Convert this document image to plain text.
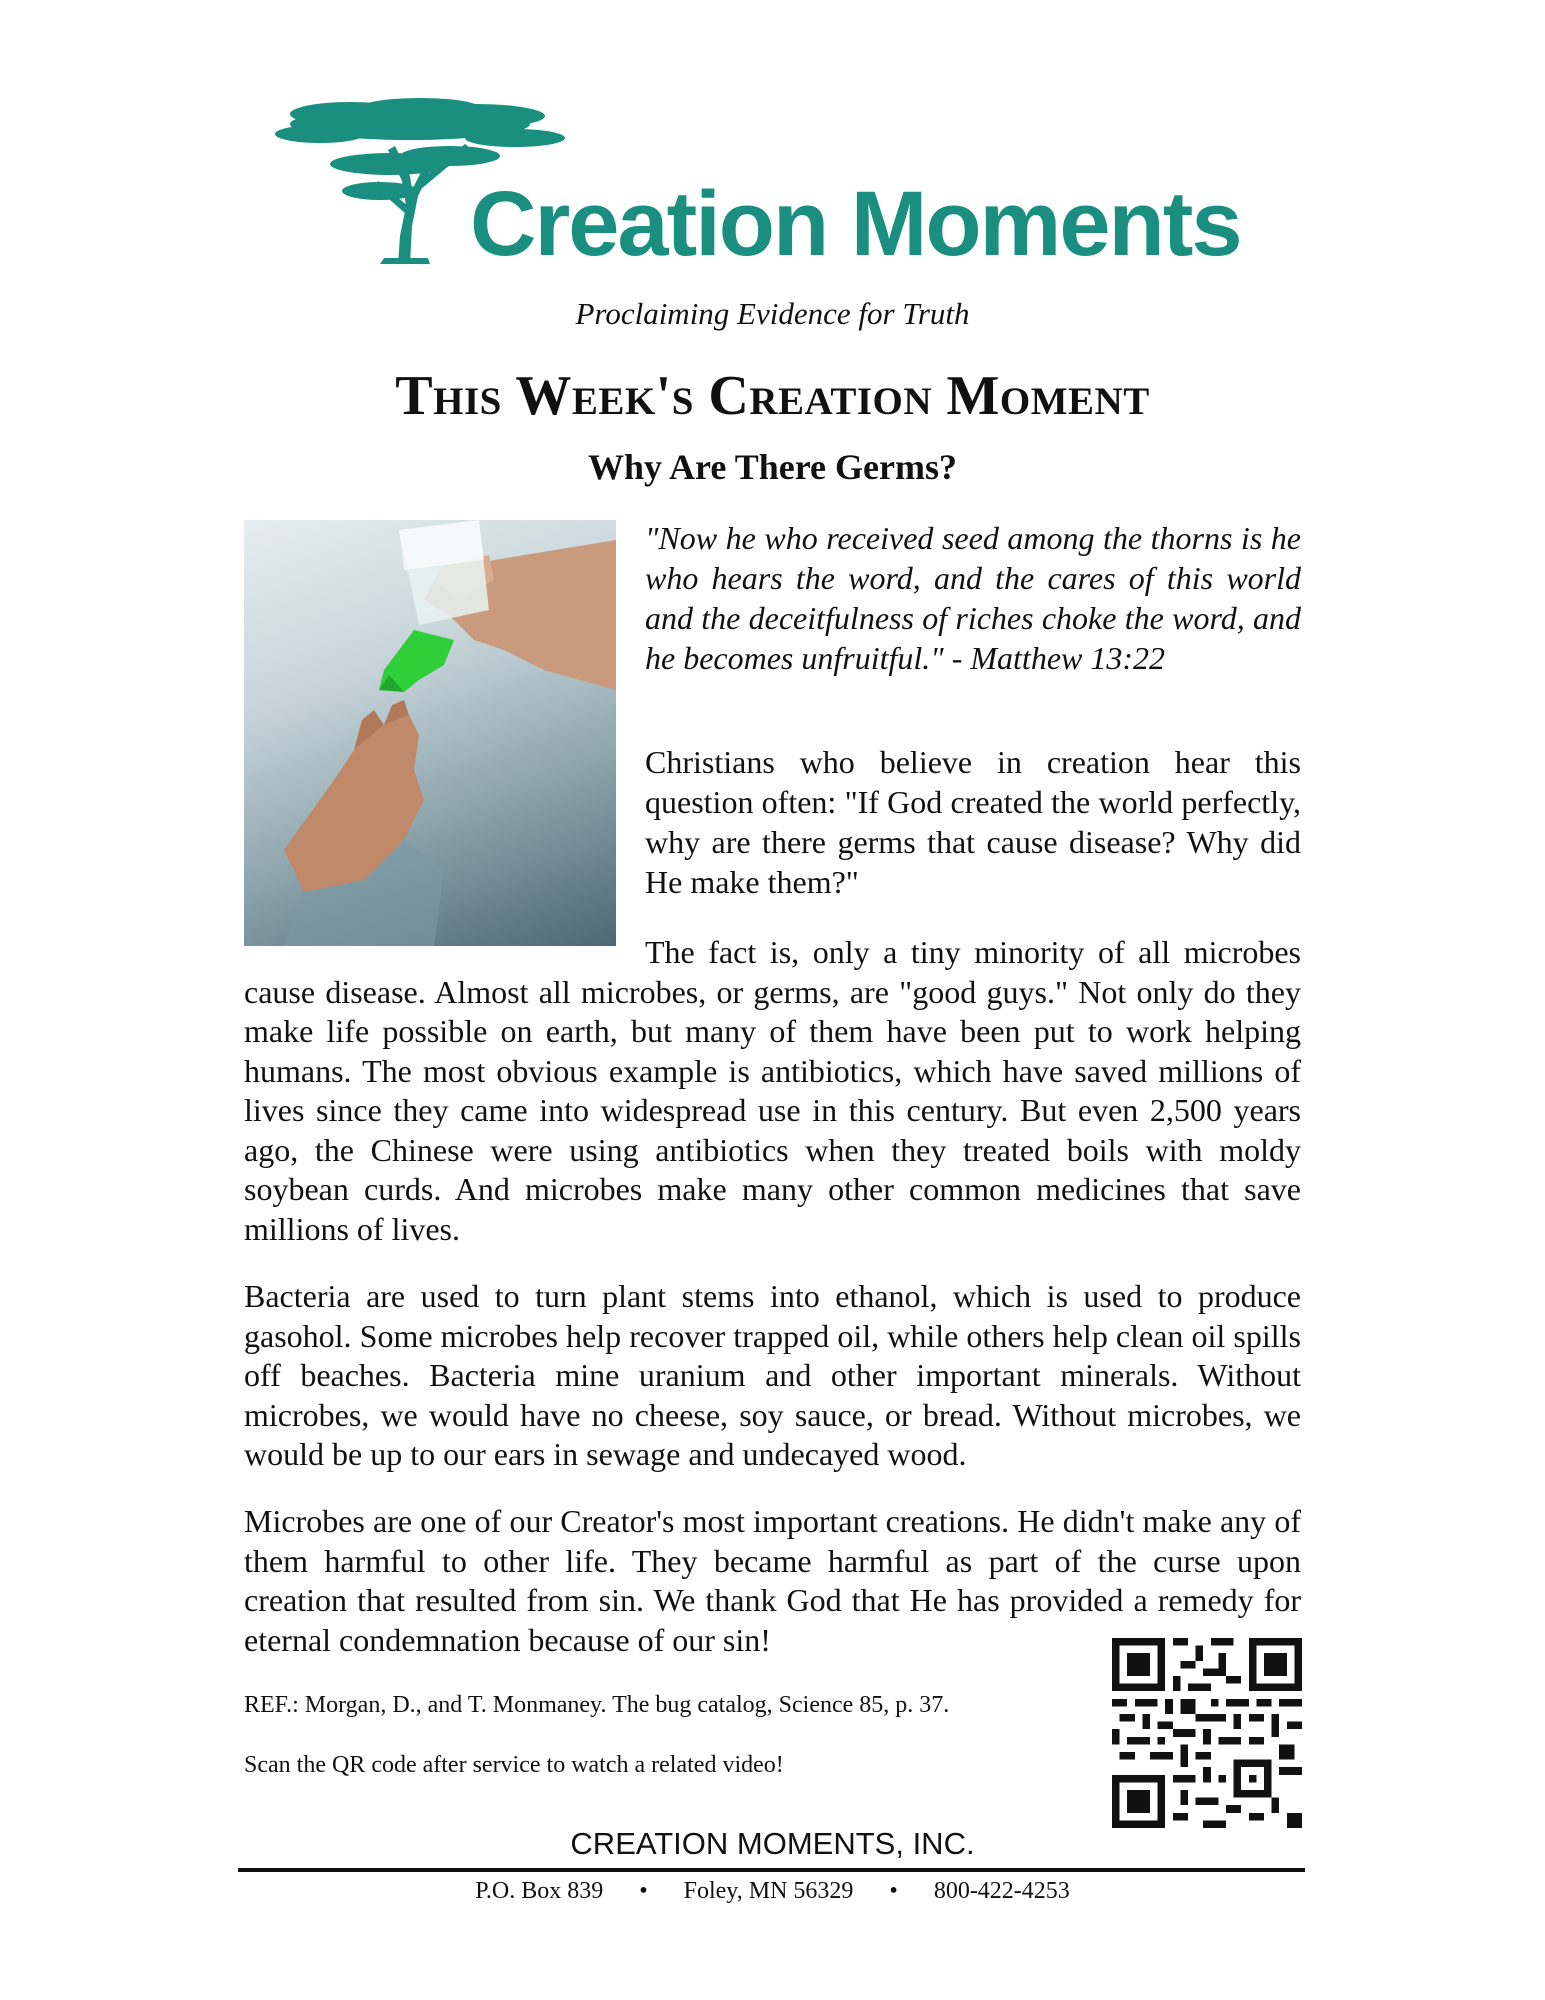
Creation Moments
Proclaiming Evidence for Truth
This Week's Creation Moment
Why Are There Germs?

"Now he who received seed among the thorns is he who hears the word, and the cares of this world and the deceitfulness of riches choke the word, and he becomes unfruitful." - Matthew 13:22

Christians who believe in creation hear this question often: "If God created the world perfectly, why are there germs that cause disease? Why did He make them?"

The fact is, only a tiny minority of all microbes cause disease. Almost all microbes, or germs, are "good guys." Not only do they make life possible on earth, but many of them have been put to work helping humans. The most obvious example is antibiotics, which have saved millions of lives since they came into widespread use in this century. But even 2,500 years ago, the Chinese were using antibiotics when they treated boils with moldy soybean curds. And microbes make many other common medicines that save millions of lives.

Bacteria are used to turn plant stems into ethanol, which is used to produce gasohol. Some microbes help recover trapped oil, while others help clean oil spills off beaches. Bacteria mine uranium and other important minerals. Without microbes, we would have no cheese, soy sauce, or bread. Without microbes, we would be up to our ears in sewage and undecayed wood.

Microbes are one of our Creator's most important creations. He didn't make any of them harmful to other life. They became harmful as part of the curse upon creation that resulted from sin. We thank God that He has provided a remedy for eternal condemnation because of our sin!

REF.: Morgan, D., and T. Monmaney. The bug catalog, Science 85, p. 37.

Scan the QR code after service to watch a related video!

CREATION MOMENTS, INC.
P.O. Box 839 • Foley, MN 56329 • 800-422-4253
